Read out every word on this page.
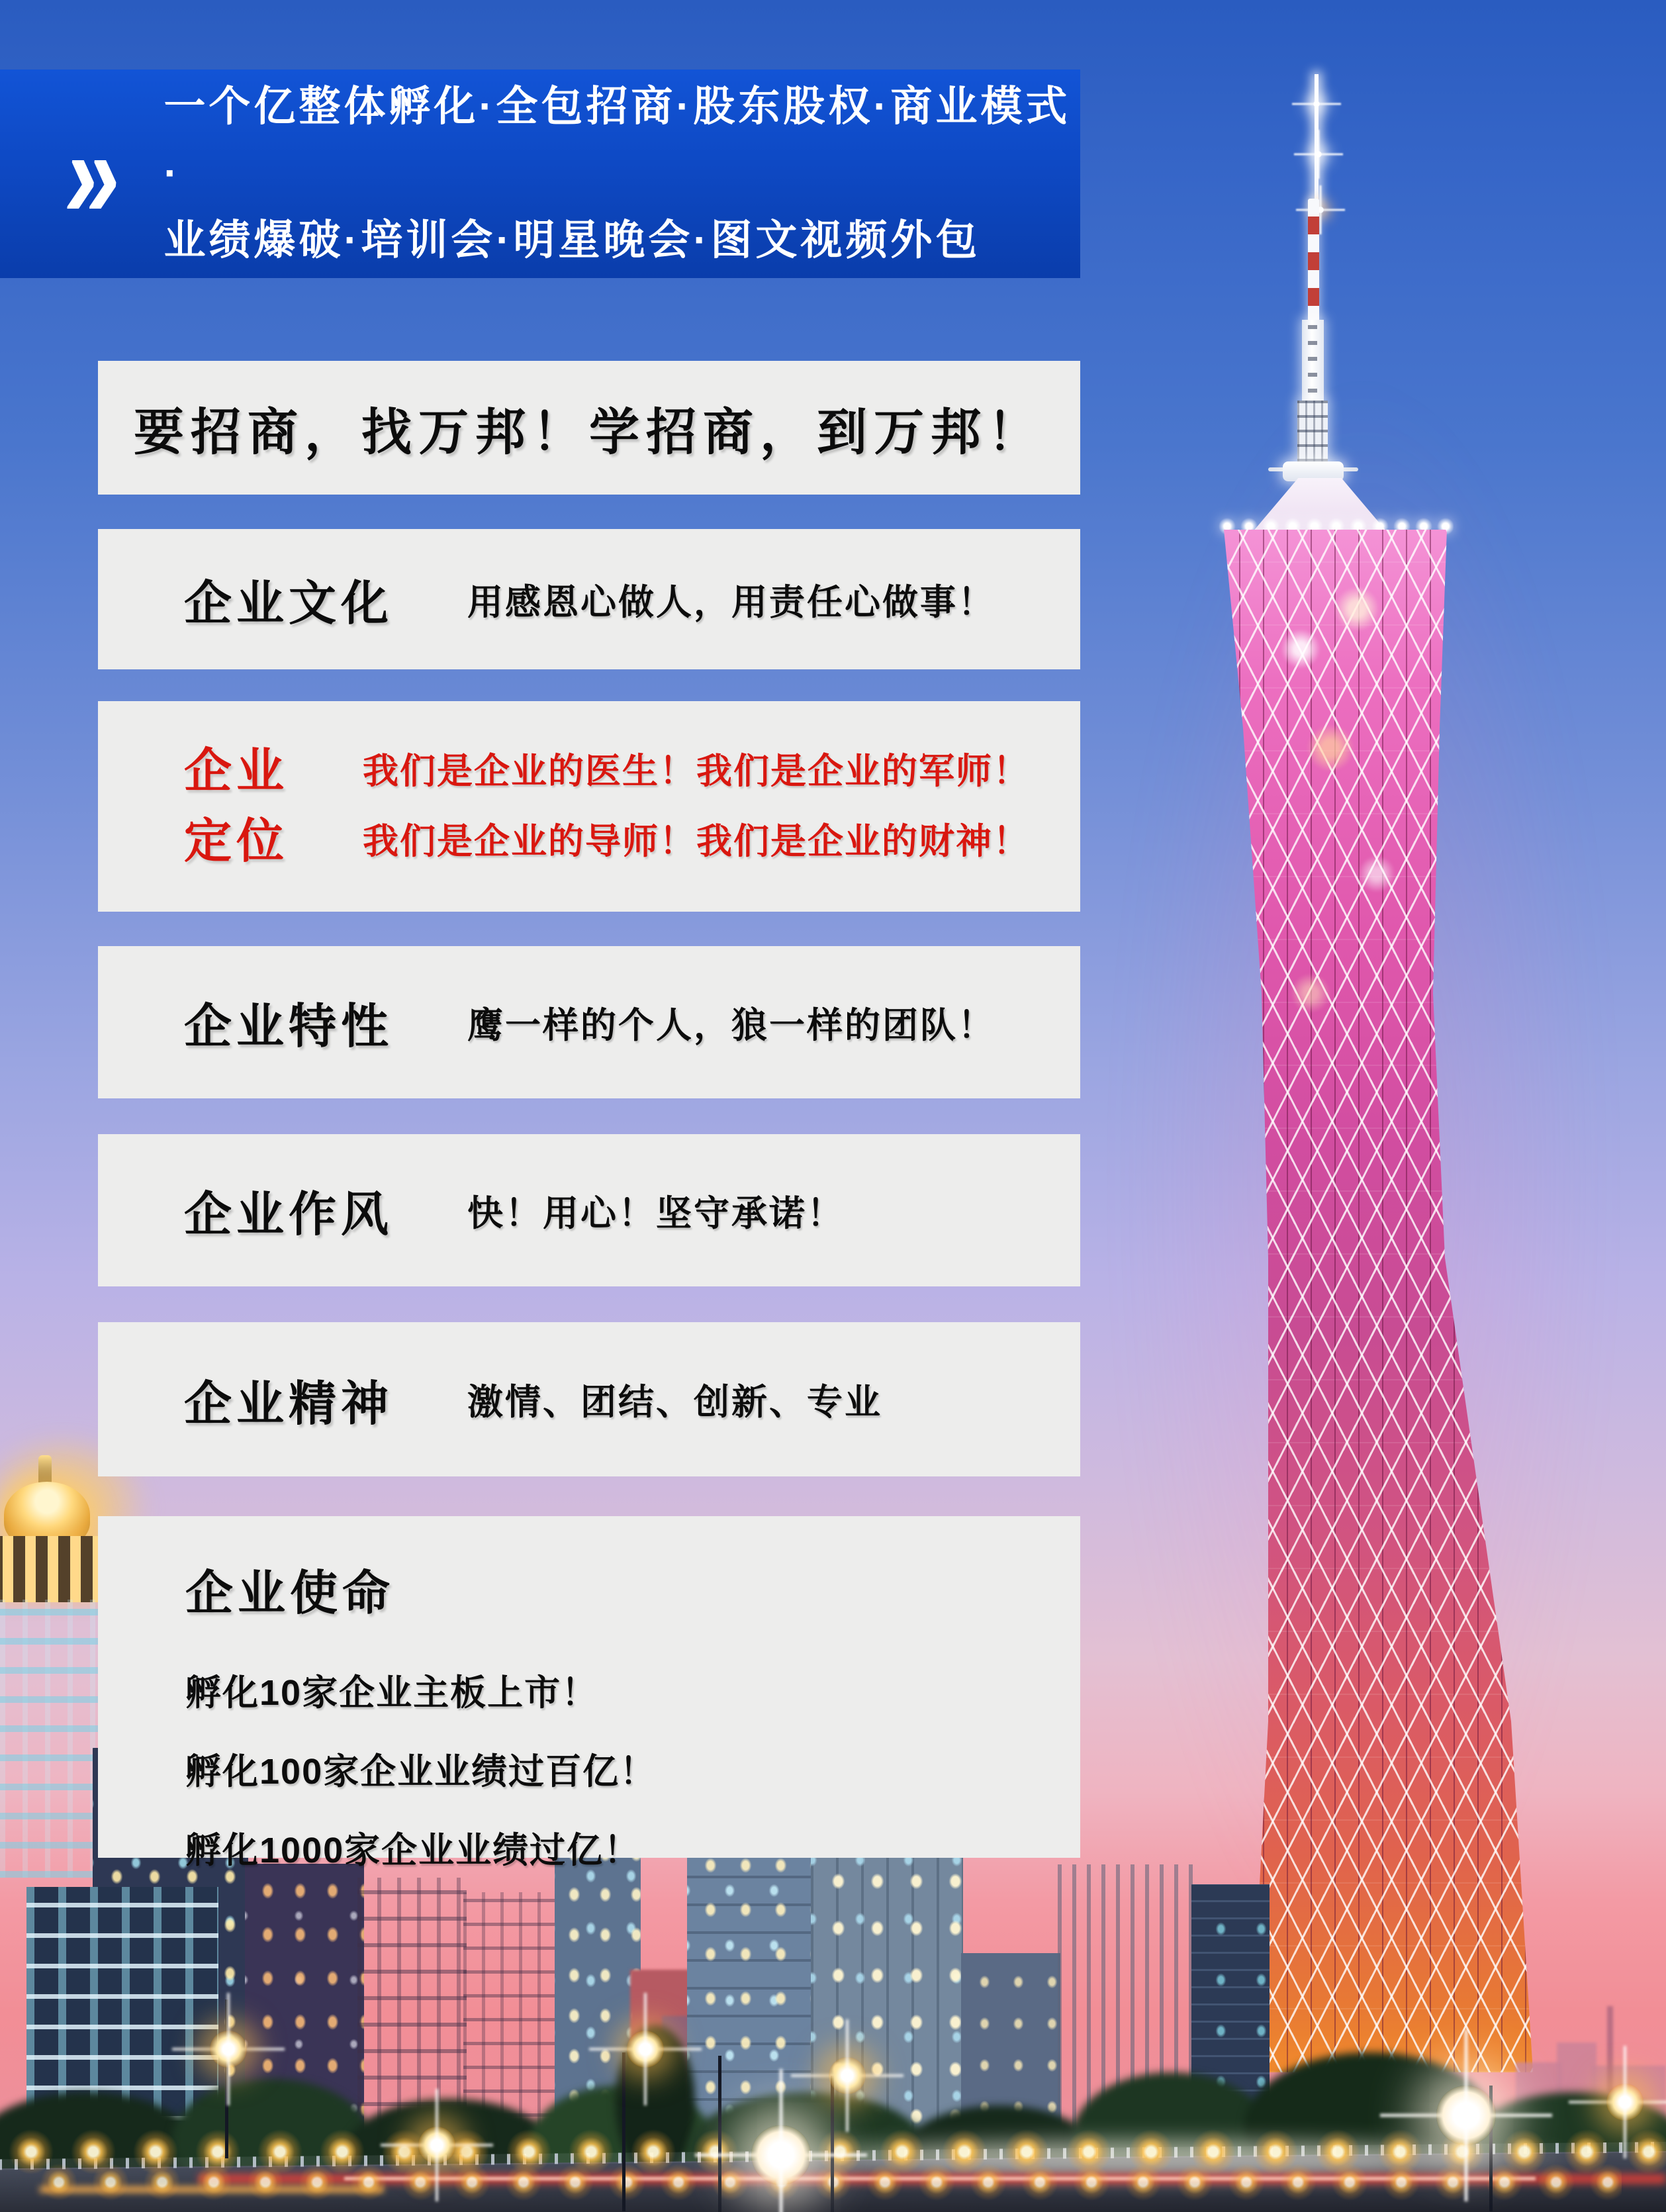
» 一个亿整体孵化·全包招商·股东股权·商业模式·
业绩爆破·培训会·明星晚会·图文视频外包
要招商，找万邦！学招商，到万邦！
企业文化 用感恩心做人，用责任心做事！
企业
定位
我们是企业的医生！我们是企业的军师！
我们是企业的导师！我们是企业的财神！
企业特性 鹰一样的个人，狼一样的团队！
企业作风 快！用心！坚守承诺！
企业精神 激情、团结、创新、专业
企业使命
孵化10家企业主板上市！
孵化100家企业业绩过百亿！
孵化1000家企业业绩过亿！
